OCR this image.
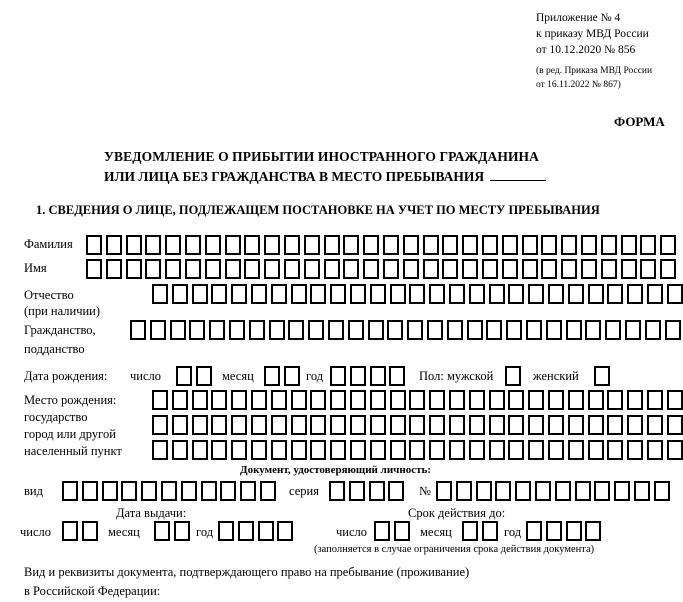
Приложение № 4
к приказу МВД России
от 10.12.2020 № 856
(в ред. Приказа МВД России
от 16.11.2022 № 867)
ФОРМА
УВЕДОМЛЕНИЕ О ПРИБЫТИИ ИНОСТРАННОГО ГРАЖДАНИНА
ИЛИ ЛИЦА БЕЗ ГРАЖДАНСТВА В МЕСТО ПРЕБЫВАНИЯ
1. СВЕДЕНИЯ О ЛИЦЕ, ПОДЛЕЖАЩЕМ ПОСТАНОВКЕ НА УЧЕТ ПО МЕСТУ ПРЕБЫВАНИЯ
Фамилия
Имя
Отчество
(при наличии)
Гражданство,
подданство
Дата рождения: число	месяц	год	Пол: мужской	женский
Место рождения:
государство
город или другой
населенный пункт
Документ, удостоверяющий личность:
вид	серия	№
Дата выдачи:	Срок действия до:
число	месяц	год	число	месяц	год
(заполняется в случае ограничения срока действия документа)
Вид и реквизиты документа, подтверждающего право на пребывание (проживание)
в Российской Федерации:
